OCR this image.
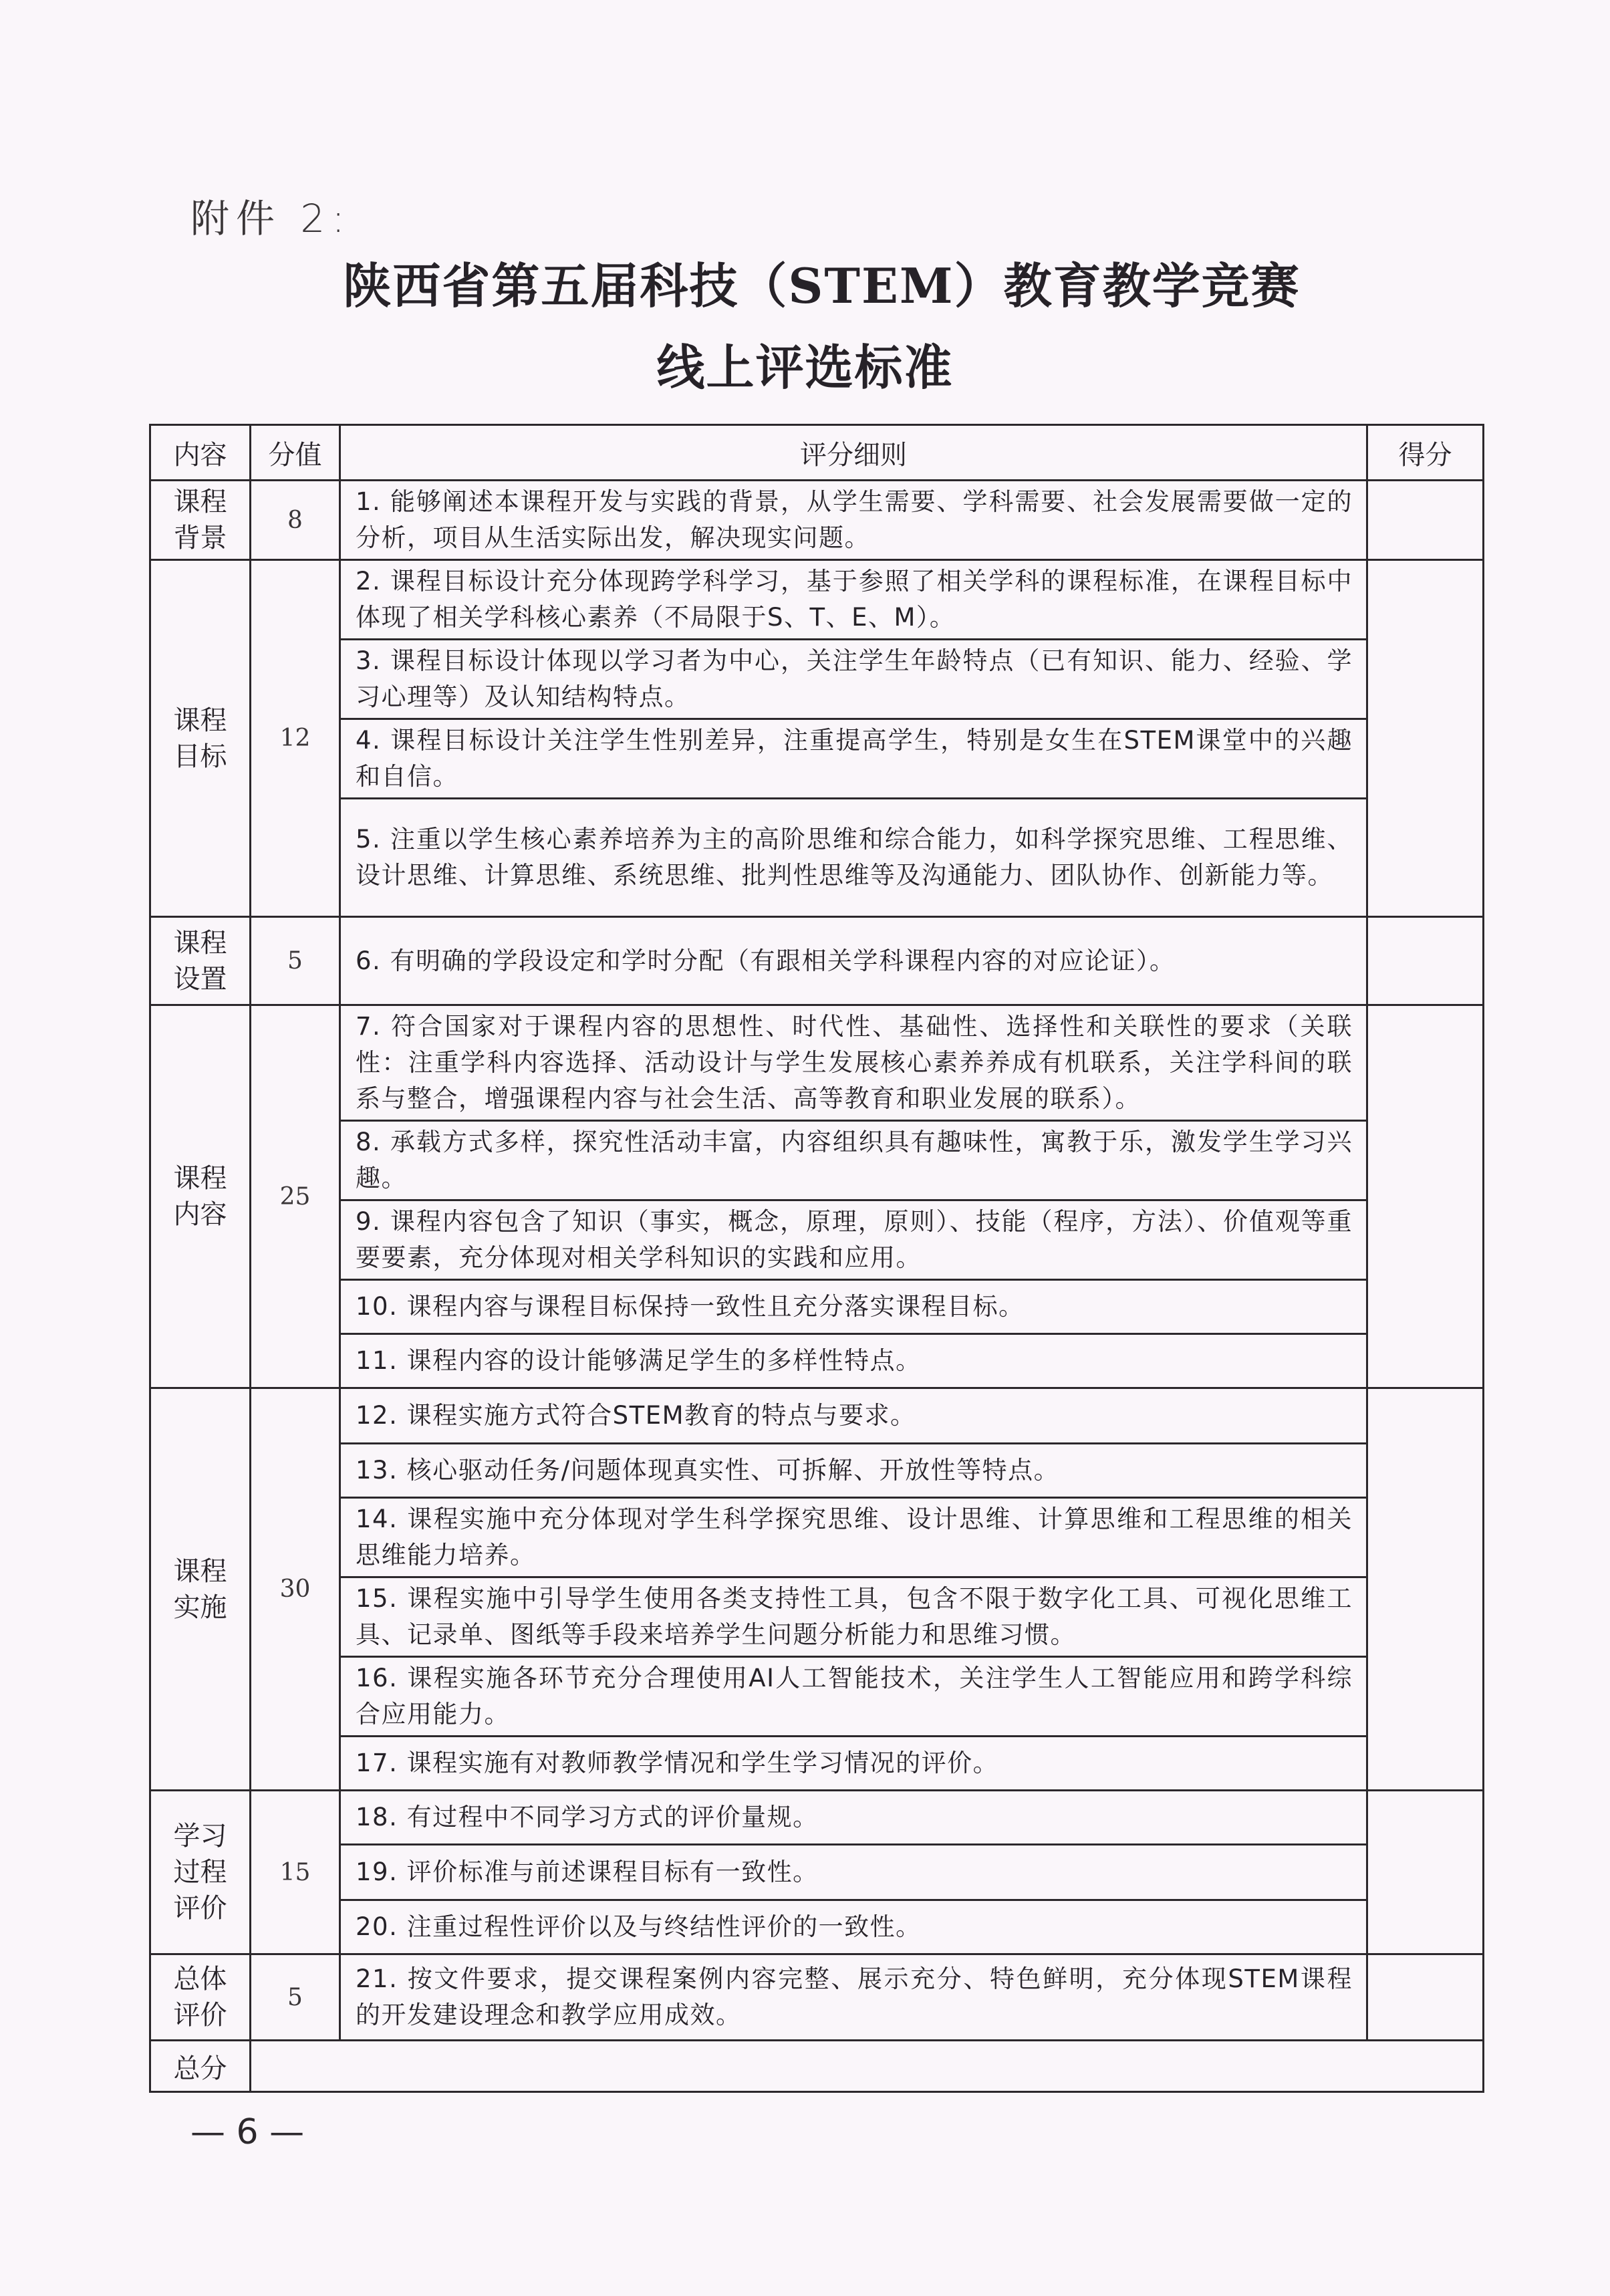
附件 2:
陕西省第五届科技（STEM）教育教学竞赛
线上评选标准
内容	分值	评分细则	得分

课程
背景	8	1. 能够阐述本课程开发与实践的背景，从学生需要、学科需要、社会发展需要做一定的分析，项目从生活实际出发，解决现实问题。	

课程
目标	12	2. 课程目标设计充分体现跨学科学习，基于参照了相关学科的课程标准，在课程目标中体现了相关学科核心素养（不局限于S、T、E、M）。	
		3. 课程目标设计体现以学习者为中心，关注学生年龄特点（已有知识、能力、经验、学习心理等）及认知结构特点。	
		4. 课程目标设计关注学生性别差异，注重提高学生，特别是女生在STEM课堂中的兴趣和自信。	
		5. 注重以学生核心素养培养为主的高阶思维和综合能力，如科学探究思维、工程思维、设计思维、计算思维、系统思维、批判性思维等及沟通能力、团队协作、创新能力等。	

课程
设置	5	6. 有明确的学段设定和学时分配（有跟相关学科课程内容的对应论证）。	

课程
内容	25	7. 符合国家对于课程内容的思想性、时代性、基础性、选择性和关联性的要求（关联性：注重学科内容选择、活动设计与学生发展核心素养养成有机联系，关注学科间的联系与整合，增强课程内容与社会生活、高等教育和职业发展的联系）。	
		8. 承载方式多样，探究性活动丰富，内容组织具有趣味性，寓教于乐，激发学生学习兴趣。	
		9. 课程内容包含了知识（事实，概念，原理，原则）、技能（程序，方法）、价值观等重要要素，充分体现对相关学科知识的实践和应用。	
		10. 课程内容与课程目标保持一致性且充分落实课程目标。	
		11. 课程内容的设计能够满足学生的多样性特点。	

课程
实施	30	12. 课程实施方式符合STEM教育的特点与要求。	
		13. 核心驱动任务/问题体现真实性、可拆解、开放性等特点。	
		14. 课程实施中充分体现对学生科学探究思维、设计思维、计算思维和工程思维的相关思维能力培养。	
		15. 课程实施中引导学生使用各类支持性工具，包含不限于数字化工具、可视化思维工具、记录单、图纸等手段来培养学生问题分析能力和思维习惯。	
		16. 课程实施各环节充分合理使用AI人工智能技术，关注学生人工智能应用和跨学科综合应用能力。	
		17. 课程实施有对教师教学情况和学生学习情况的评价。	

学习
过程
评价	15	18. 有过程中不同学习方式的评价量规。	
		19. 评价标准与前述课程目标有一致性。	
		20. 注重过程性评价以及与终结性评价的一致性。	

总体
评价	5	21. 按文件要求，提交课程案例内容完整、展示充分、特色鲜明，充分体现STEM课程的开发建设理念和教学应用成效。	
总分			
— 6 —
